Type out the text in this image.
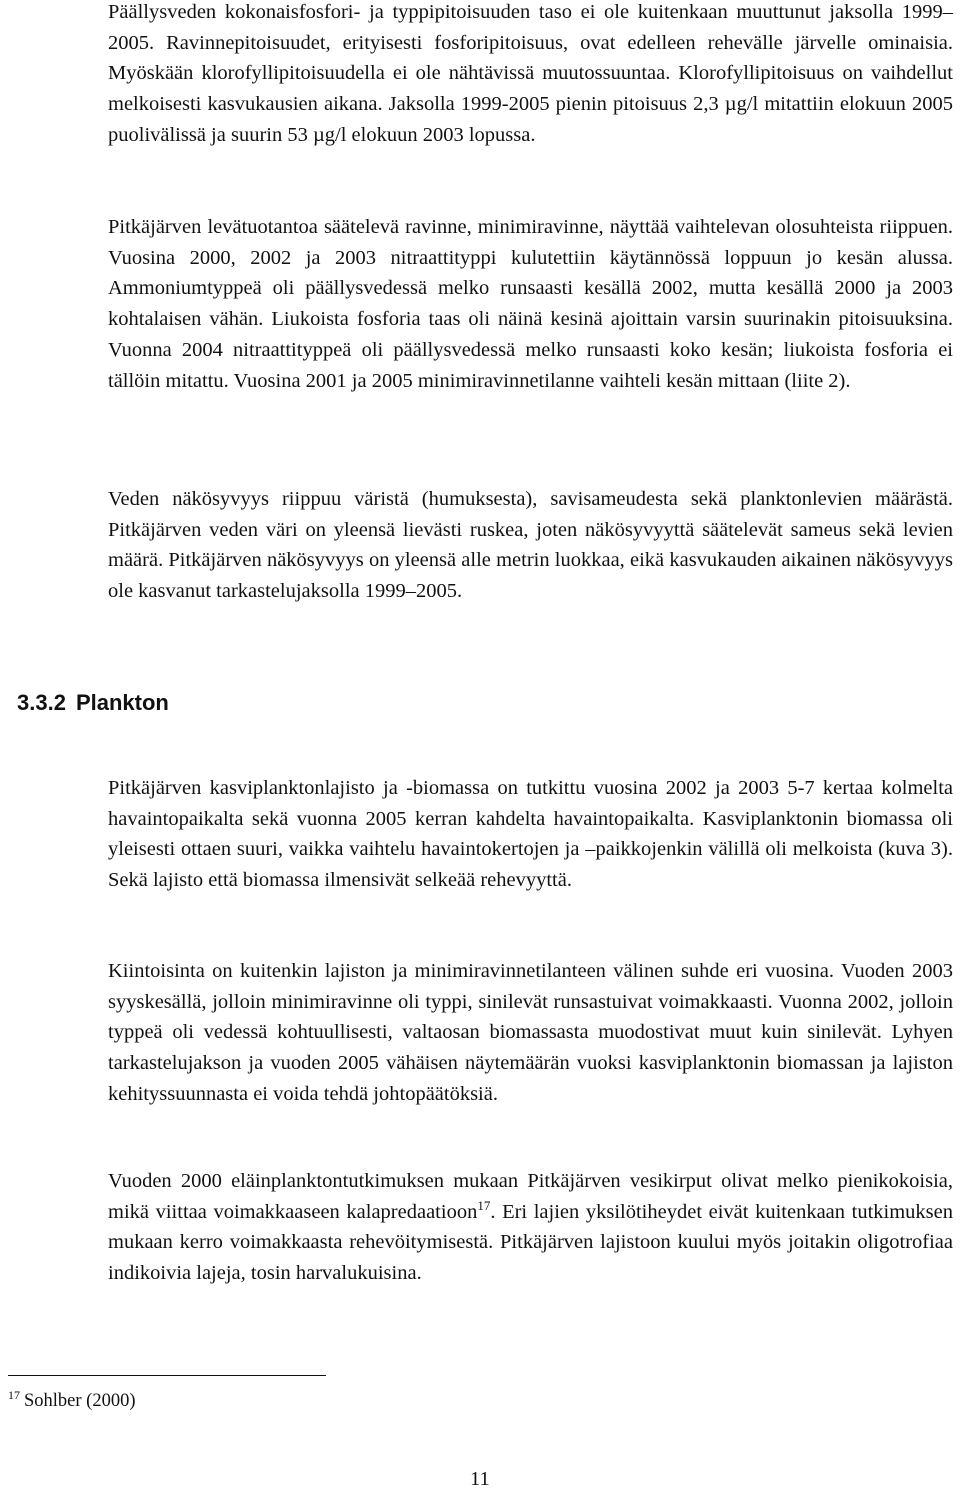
Päällysveden kokonaisfosfori- ja typpipitoisuuden taso ei ole kuitenkaan muuttunut jaksolla 1999–2005. Ravinnepitoisuudet, erityisesti fosforipitoisuus, ovat edelleen rehevälle järvelle ominaisia. Myöskään klorofyllipitoisuudella ei ole nähtävissä muutossuuntaa. Klorofyllipitoisuus on vaihdellut melkoisesti kasvukausien aikana. Jaksolla 1999-2005 pienin pitoisuus 2,3 µg/l mitattiin elokuun 2005 puolivälissä ja suurin 53 µg/l elokuun 2003 lopussa.

Pitkäjärven levätuotantoa säätelevä ravinne, minimiravinne, näyttää vaihtelevan olosuhteista riippuen. Vuosina 2000, 2002 ja 2003 nitraattityppi kulutettiin käytännössä loppuun jo kesän alussa. Ammoniumtyppeä oli päällysvedessä melko runsaasti kesällä 2002, mutta kesällä 2000 ja 2003 kohtalaisen vähän. Liukoista fosforia taas oli näinä kesinä ajoittain varsin suurinakin pitoisuuksina. Vuonna 2004 nitraattityppeä oli päällysvedessä melko runsaasti koko kesän; liukoista fosforia ei tällöin mitattu. Vuosina 2001 ja 2005 minimiravinnetilanne vaihteli kesän mittaan (liite 2).

Veden näkösyvyys riippuu väristä (humuksesta), savisameudesta sekä planktonlevien määrästä. Pitkäjärven veden väri on yleensä lievästi ruskea, joten näkösyvyyttä säätelevät sameus sekä levien määrä. Pitkäjärven näkösyvyys on yleensä alle metrin luokkaa, eikä kasvukauden aikainen näkösyvyys ole kasvanut tarkastelujaksolla 1999–2005.

3.3.2 Plankton

Pitkäjärven kasviplanktonlajisto ja -biomassa on tutkittu vuosina 2002 ja 2003 5-7 kertaa kolmelta havaintopaikalta sekä vuonna 2005 kerran kahdelta havaintopaikalta. Kasviplanktonin biomassa oli yleisesti ottaen suuri, vaikka vaihtelu havaintokertojen ja –paikkojenkin välillä oli melkoista (kuva 3). Sekä lajisto että biomassa ilmensivät selkeää rehevyyttä.

Kiintoisinta on kuitenkin lajiston ja minimiravinnetilanteen välinen suhde eri vuosina. Vuoden 2003 syyskesällä, jolloin minimiravinne oli typpi, sinilevät runsastuivat voimakkaasti. Vuonna 2002, jolloin typpeä oli vedessä kohtuullisesti, valtaosan biomassasta muodostivat muut kuin sinilevät. Lyhyen tarkastelujakson ja vuoden 2005 vähäisen näytemäärän vuoksi kasviplanktonin biomassan ja lajiston kehityssuunnasta ei voida tehdä johtopäätöksiä.

Vuoden 2000 eläinplanktontutkimuksen mukaan Pitkäjärven vesikirput olivat melko pienikokoisia, mikä viittaa voimakkaaseen kalapredaatioon$^{17}$. Eri lajien yksilötiheydet eivät kuitenkaan tutkimuksen mukaan kerro voimakkaasta rehevöitymisestä. Pitkäjärven lajistoon kuului myös joitakin oligotrofiaa indikoivia lajeja, tosin harvalukuisina.

$^{17}$ Sohlber (2000)

11
